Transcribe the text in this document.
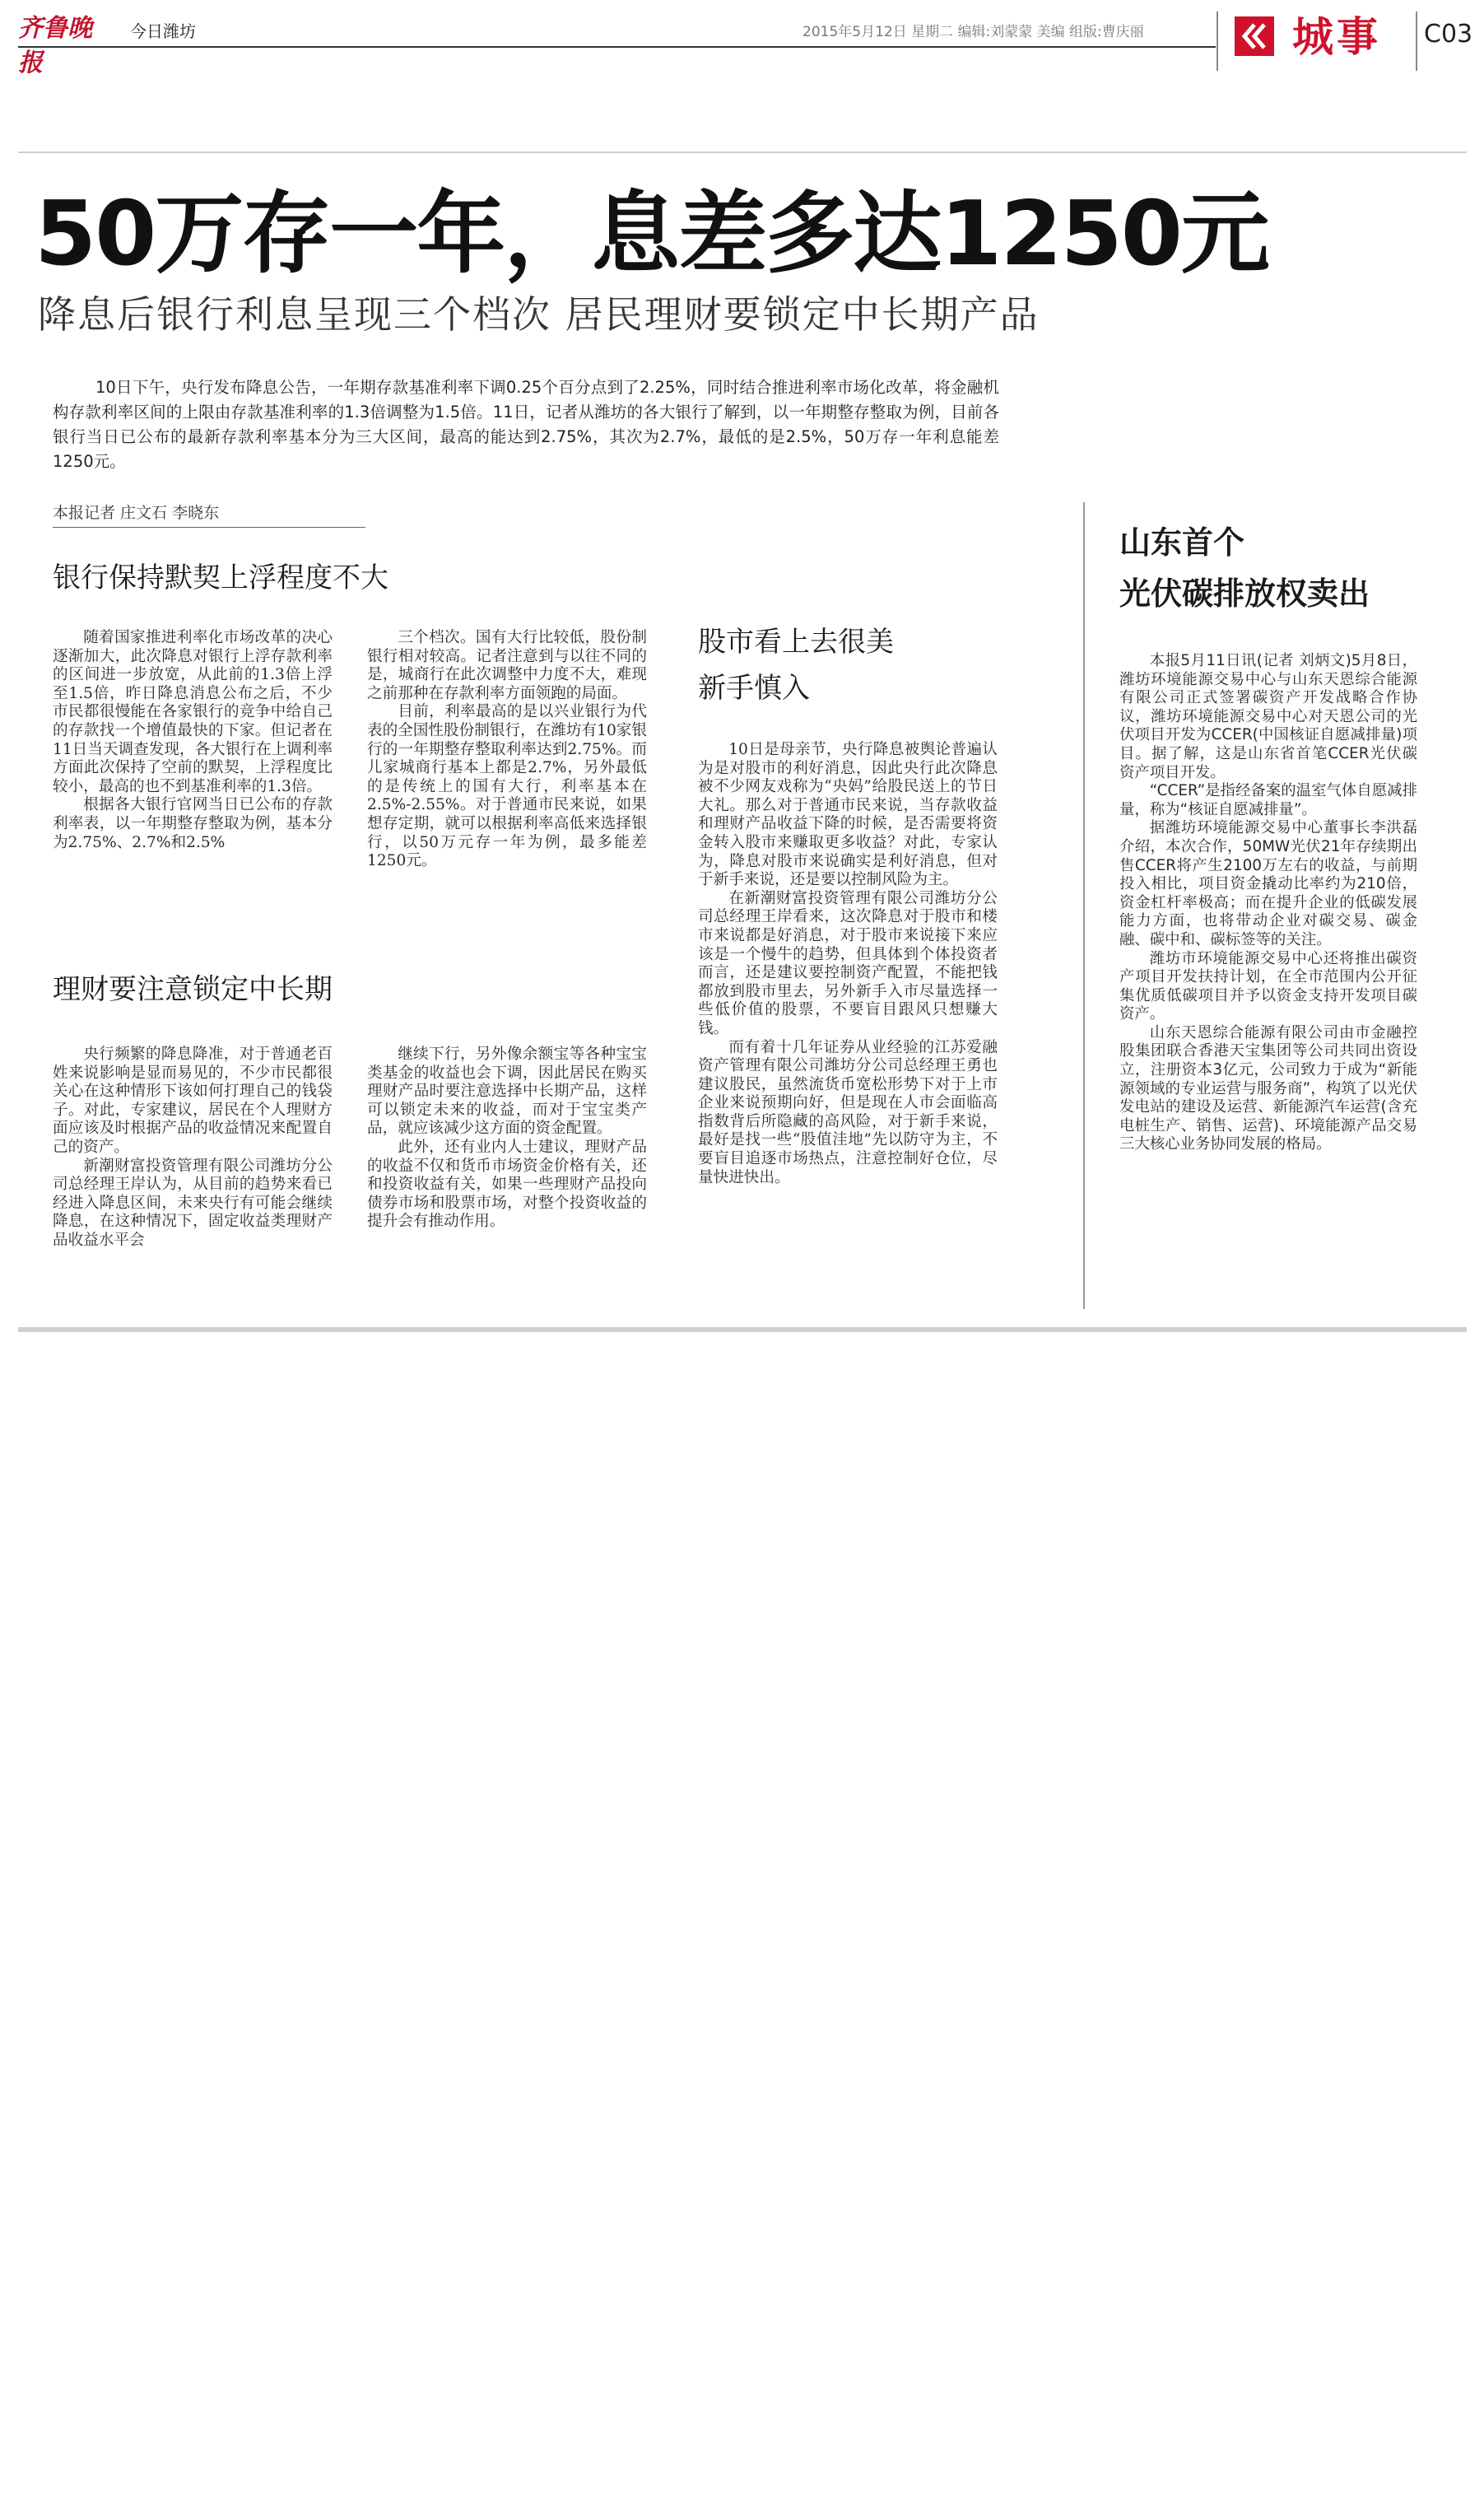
齐鲁晚报
今日潍坊	2015年5月12日 星期二 编辑:刘蒙蒙 美编 组版:曹庆丽	城事 C03
50万存一年，息差多达1250元
降息后银行利息呈现三个档次 居民理财要锁定中长期产品
10日下午，央行发布降息公告，一年期存款基准利率下调0.25个百分点到了2.25%，同时结合推进利率市场化改革，将金融机构存款利率区间的上限由存款基准利率的1.3倍调整为1.5倍。11日，记者从潍坊的各大银行了解到，以一年期整存整取为例，目前各银行当日已公布的最新存款利率基本分为三大区间，最高的能达到2.75%，其次为2.7%，最低的是2.5%，50万存一年利息能差1250元。
本报记者 庄文石 李晓东
银行保持默契上浮程度不大

随着国家推进利率化市场改革的决心逐渐加大，此次降息对银行上浮存款利率的区间进一步放宽，从此前的1.3倍上浮至1.5倍，昨日降息消息公布之后，不少市民都很慢能在各家银行的竞争中给自己的存款找一个增值最快的下家。但记者在11日当天调查发现，各大银行在上调利率方面此次保持了空前的默契，上浮程度比较小，最高的也不到基准利率的1.3倍。

根据各大银行官网当日已公布的存款利率表，以一年期整存整取为例，基本分为2.75%、2.7%和2.5%

三个档次。国有大行比较低，股份制银行相对较高。记者注意到与以往不同的是，城商行在此次调整中力度不大，难现之前那种在存款利率方面领跑的局面。

目前，利率最高的是以兴业银行为代表的全国性股份制银行，在潍坊有10家银行的一年期整存整取利率达到2.75%。而儿家城商行基本上都是2.7%，另外最低的是传统上的国有大行，利率基本在2.5%-2.55%。对于普通市民来说，如果想存定期，就可以根据利率高低来选择银行，以50万元存一年为例，最多能差1250元。

理财要注意锁定中长期

央行频繁的降息降准，对于普通老百姓来说影响是显而易见的，不少市民都很关心在这种情形下该如何打理自己的钱袋子。对此，专家建议，居民在个人理财方面应该及时根据产品的收益情况来配置自己的资产。

新潮财富投资管理有限公司潍坊分公司总经理王岸认为，从目前的趋势来看已经进入降息区间，未来央行有可能会继续降息，在这种情况下，固定收益类理财产品收益水平会

继续下行，另外像余额宝等各种宝宝类基金的收益也会下调，因此居民在购买理财产品时要注意选择中长期产品，这样可以锁定未来的收益，而对于宝宝类产品，就应该减少这方面的资金配置。

此外，还有业内人士建议，理财产品的收益不仅和货币市场资金价格有关，还和投资收益有关，如果一些理财产品投向债券市场和股票市场，对整个投资收益的提升会有推动作用。

股市看上去很美
新手慎入

10日是母亲节，央行降息被舆论普遍认为是对股市的利好消息，因此央行此次降息被不少网友戏称为“央妈”给股民送上的节日大礼。那么对于普通市民来说，当存款收益和理财产品收益下降的时候，是否需要将资金转入股市来赚取更多收益？对此，专家认为，降息对股市来说确实是利好消息，但对于新手来说，还是要以控制风险为主。

在新潮财富投资管理有限公司潍坊分公司总经理王岸看来，这次降息对于股市和楼市来说都是好消息，对于股市来说接下来应该是一个慢牛的趋势，但具体到个体投资者而言，还是建议要控制资产配置，不能把钱都放到股市里去，另外新手入市尽量选择一些低价值的股票，不要盲目跟风只想赚大钱。

而有着十几年证券从业经验的江苏爱融资产管理有限公司潍坊分公司总经理王勇也建议股民，虽然流货币宽松形势下对于上市企业来说预期向好，但是现在人市会面临高指数背后所隐藏的高风险，对于新手来说，最好是找一些“股值洼地”先以防守为主，不要盲目追逐市场热点，注意控制好仓位，尽量快进快出。

山东首个
光伏碳排放权卖出

本报5月11日讯(记者 刘炳文)5月8日，潍坊环境能源交易中心与山东天恩综合能源有限公司正式签署碳资产开发战略合作协议，潍坊环境能源交易中心对天恩公司的光伏项目开发为CCER(中国核证自愿减排量)项目。据了解，这是山东省首笔CCER光伏碳资产项目开发。

“CCER”是指经备案的温室气体自愿减排量，称为“核证自愿减排量”。

据潍坊环境能源交易中心董事长李洪磊介绍，本次合作，50MW光伏21年存续期出售CCER将产生2100万左右的收益，与前期投入相比，项目资金撬动比率约为210倍，资金杠杆率极高；而在提升企业的低碳发展能力方面，也将带动企业对碳交易、碳金融、碳中和、碳标签等的关注。

潍坊市环境能源交易中心还将推出碳资产项目开发扶持计划，在全市范围内公开征集优质低碳项目并予以资金支持开发项目碳资产。

山东天恩综合能源有限公司由市金融控股集团联合香港天宝集团等公司共同出资设立，注册资本3亿元，公司致力于成为“新能源领域的专业运营与服务商”，构筑了以光伏发电站的建设及运营、新能源汽车运营(含充电桩生产、销售、运营)、环境能源产品交易三大核心业务协同发展的格局。
